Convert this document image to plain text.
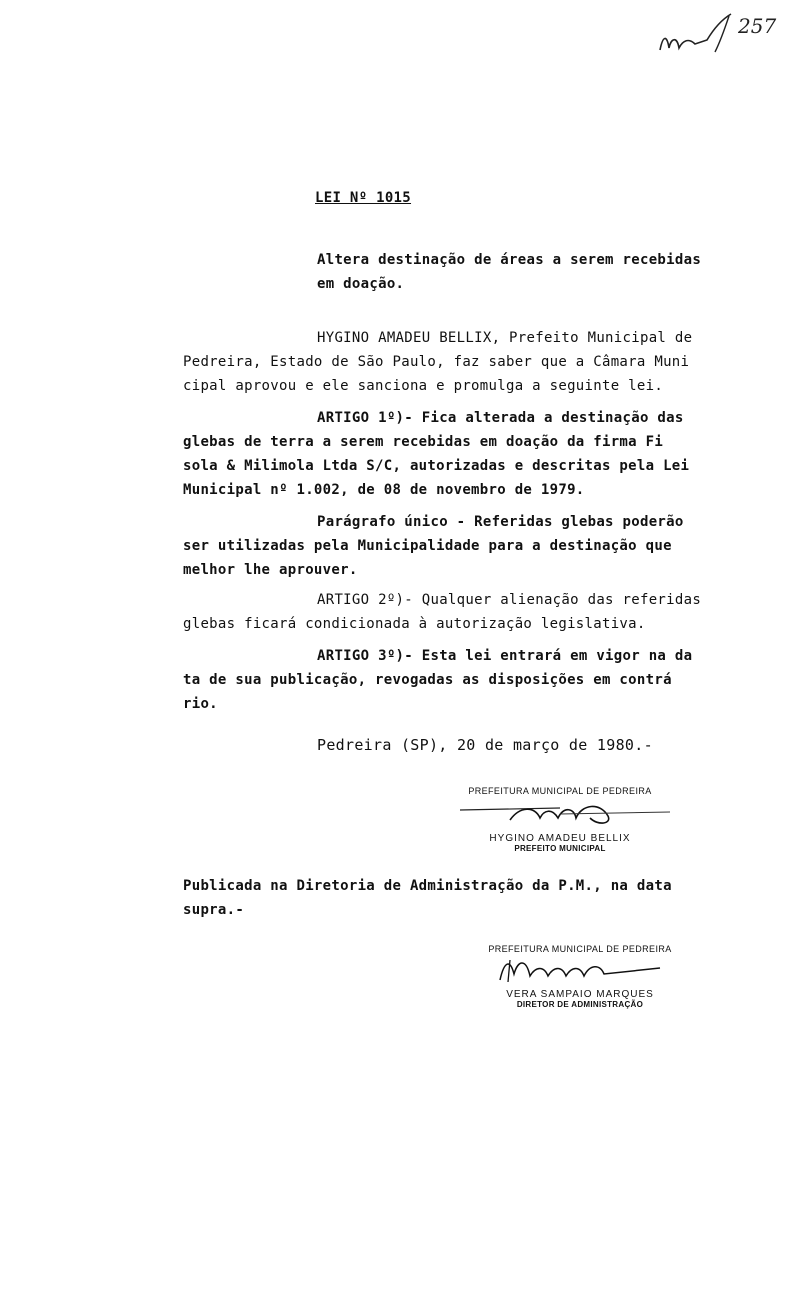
257
LEI Nº 1015
Altera destinação de áreas a serem recebidas
em doação.
HYGINO AMADEU BELLIX, Prefeito Municipal de
Pedreira, Estado de São Paulo, faz saber que a Câmara Muni
cipal aprovou e ele sanciona e promulga a seguinte lei.
ARTIGO 1º)- Fica alterada a destinação das
glebas de terra a serem recebidas em doação da firma Fi
sola & Milimola Ltda S/C, autorizadas e descritas pela Lei
Municipal nº 1.002, de 08 de novembro de 1979.
Parágrafo único - Referidas glebas poderão
ser utilizadas pela Municipalidade para a destinação que
melhor lhe aprouver.
ARTIGO 2º)- Qualquer alienação das referidas
glebas ficará condicionada à autorização legislativa.
ARTIGO 3º)- Esta lei entrará em vigor na da
ta de sua publicação, revogadas as disposições em contrá
rio.
Pedreira (SP), 20 de março de 1980.-
PREFEITURA MUNICIPAL DE PEDREIRA
HYGINO AMADEU BELLIX
PREFEITO MUNICIPAL
Publicada na Diretoria de Administração da P.M., na data
supra.-
PREFEITURA MUNICIPAL DE PEDREIRA
VERA SAMPAIO MARQUES
DIRETOR DE ADMINISTRAÇÃO
